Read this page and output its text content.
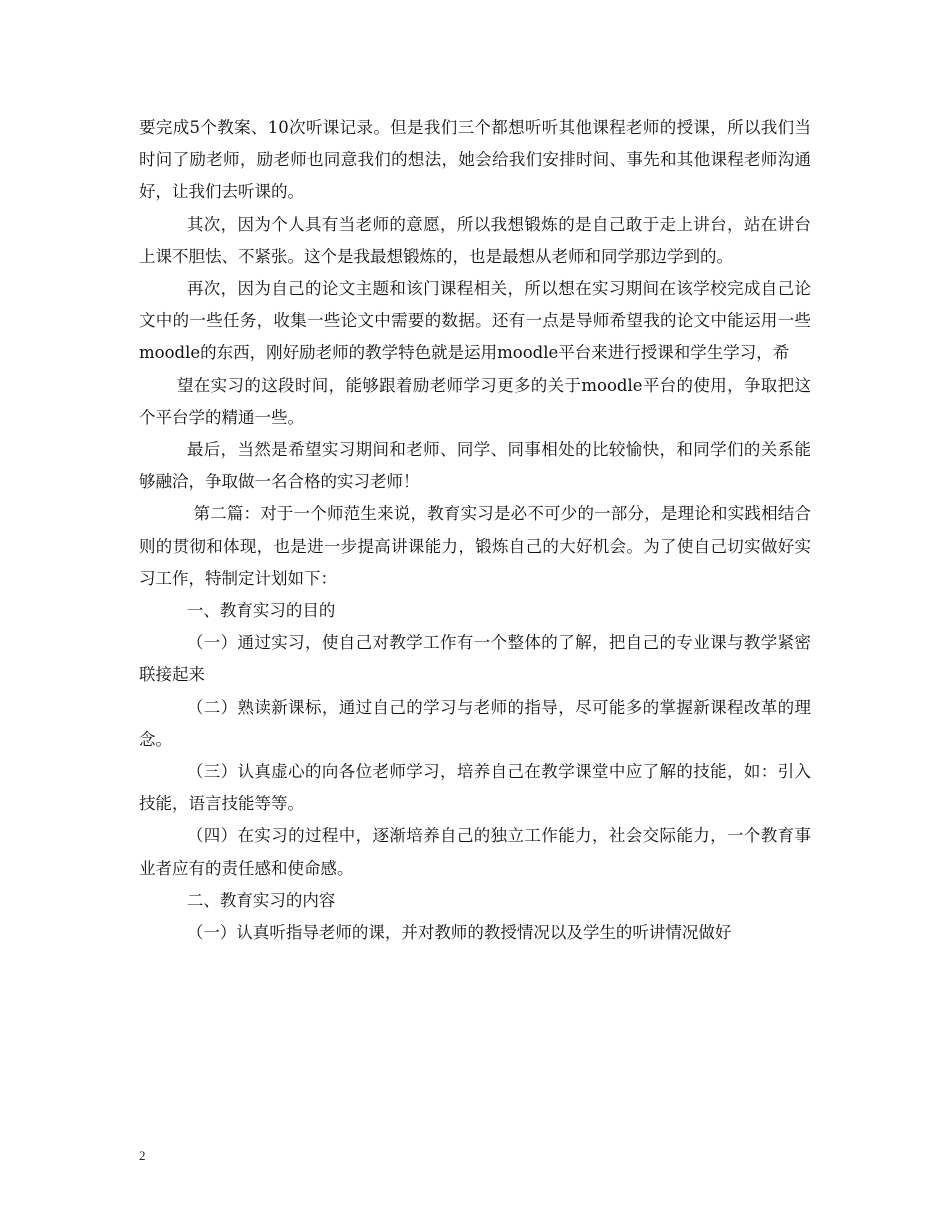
要完成5个教案、10次听课记录。但是我们三个都想听听其他课程老师的授课，所以我们当时问了励老师，励老师也同意我们的想法，她会给我们安排时间、事先和其他课程老师沟通好，让我们去听课的。

其次，因为个人具有当老师的意愿，所以我想锻炼的是自己敢于走上讲台，站在讲台上课不胆怯、不紧张。这个是我最想锻炼的，也是最想从老师和同学那边学到的。

再次，因为自己的论文主题和该门课程相关，所以想在实习期间在该学校完成自己论文中的一些任务，收集一些论文中需要的数据。还有一点是导师希望我的论文中能运用一些moodle的东西，刚好励老师的教学特色就是运用moodle平台来进行授课和学生学习，希

望在实习的这段时间，能够跟着励老师学习更多的关于moodle平台的使用，争取把这个平台学的精通一些。

最后，当然是希望实习期间和老师、同学、同事相处的比较愉快，和同学们的关系能够融洽，争取做一名合格的实习老师！

第二篇：对于一个师范生来说，教育实习是必不可少的一部分，是理论和实践相结合则的贯彻和体现，也是进一步提高讲课能力，锻炼自己的大好机会。为了使自己切实做好实习工作，特制定计划如下：

一、教育实习的目的

（一）通过实习，使自己对教学工作有一个整体的了解，把自己的专业课与教学紧密联接起来

（二）熟读新课标，通过自己的学习与老师的指导，尽可能多的掌握新课程改革的理念。

（三）认真虚心的向各位老师学习，培养自己在教学课堂中应了解的技能，如：引入技能，语言技能等等。

（四）在实习的过程中，逐渐培养自己的独立工作能力，社会交际能力，一个教育事业者应有的责任感和使命感。

二、教育实习的内容

（一）认真听指导老师的课，并对教师的教授情况以及学生的听讲情况做好

2
